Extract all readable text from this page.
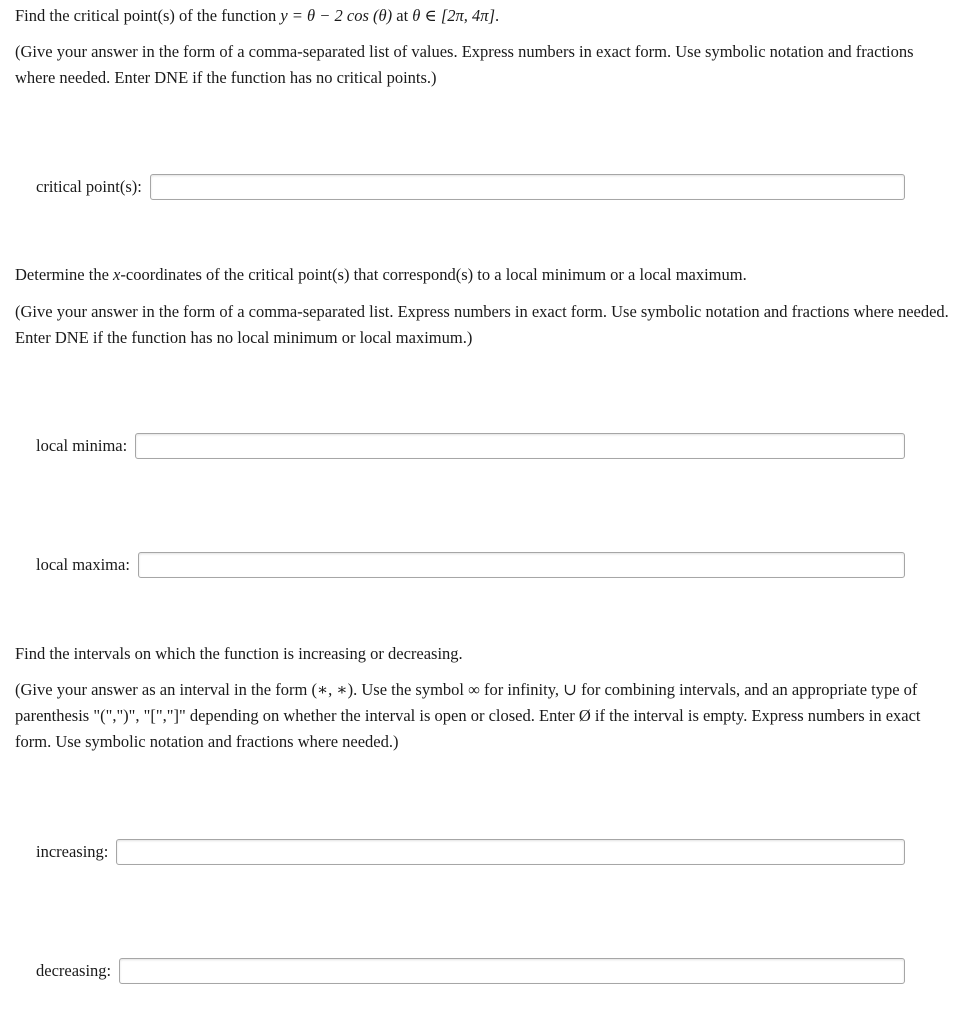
Find the critical point(s) of the function y = θ − 2 cos (θ) at θ ∈ [2π, 4π].

(Give your answer in the form of a comma-separated list of values. Express numbers in exact form. Use symbolic notation and fractions where needed. Enter DNE if the function has no critical points.)

critical point(s):

Determine the x-coordinates of the critical point(s) that correspond(s) to a local minimum or a local maximum.

(Give your answer in the form of a comma-separated list. Express numbers in exact form. Use symbolic notation and fractions where needed. Enter DNE if the function has no local minimum or local maximum.)

local minima:
local maxima:

Find the intervals on which the function is increasing or decreasing.

(Give your answer as an interval in the form (∗, ∗). Use the symbol ∞ for infinity, ∪ for combining intervals, and an appropriate type of parenthesis "(",")", "[","]" depending on whether the interval is open or closed. Enter Ø if the interval is empty. Express numbers in exact form. Use symbolic notation and fractions where needed.)

increasing:
decreasing:
